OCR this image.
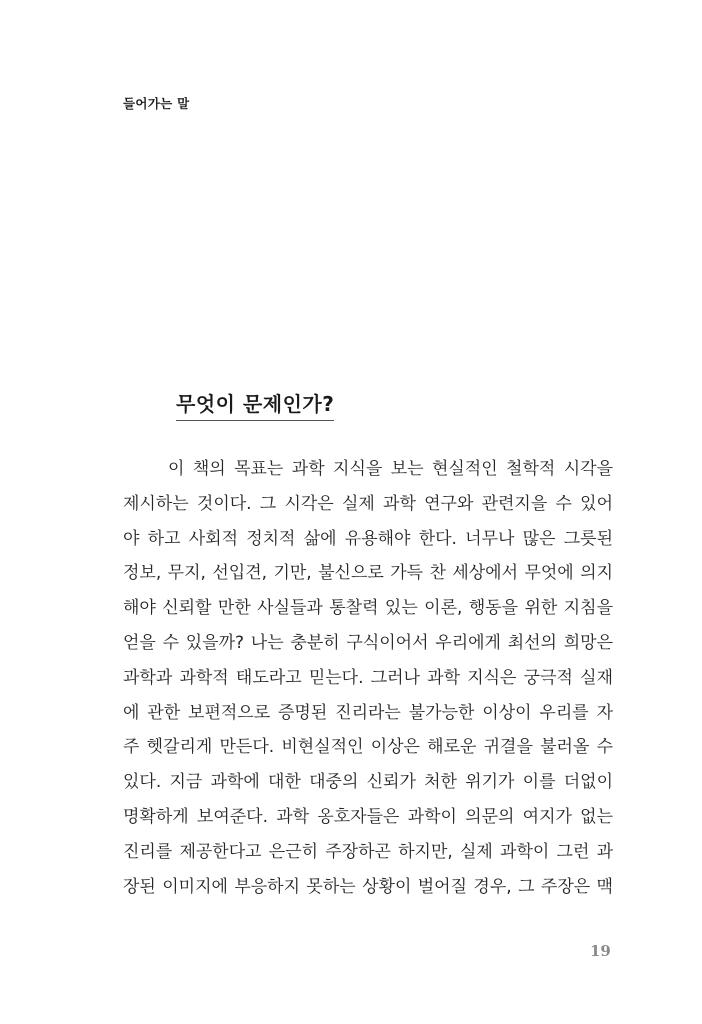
들어가는 말
무엇이 문제인가?
이 책의 목표는 과학 지식을 보는 현실적인 철학적 시각을
제시하는 것이다. 그 시각은 실제 과학 연구와 관련지을 수 있어
야 하고 사회적 정치적 삶에 유용해야 한다. 너무나 많은 그릇된
정보, 무지, 선입견, 기만, 불신으로 가득 찬 세상에서 무엇에 의지
해야 신뢰할 만한 사실들과 통찰력 있는 이론, 행동을 위한 지침을
얻을 수 있을까? 나는 충분히 구식이어서 우리에게 최선의 희망은
과학과 과학적 태도라고 믿는다. 그러나 과학 지식은 궁극적 실재
에 관한 보편적으로 증명된 진리라는 불가능한 이상이 우리를 자
주 헷갈리게 만든다. 비현실적인 이상은 해로운 귀결을 불러올 수
있다. 지금 과학에 대한 대중의 신뢰가 처한 위기가 이를 더없이
명확하게 보여준다. 과학 옹호자들은 과학이 의문의 여지가 없는
진리를 제공한다고 은근히 주장하곤 하지만, 실제 과학이 그런 과
장된 이미지에 부응하지 못하는 상황이 벌어질 경우, 그 주장은 맥
19
